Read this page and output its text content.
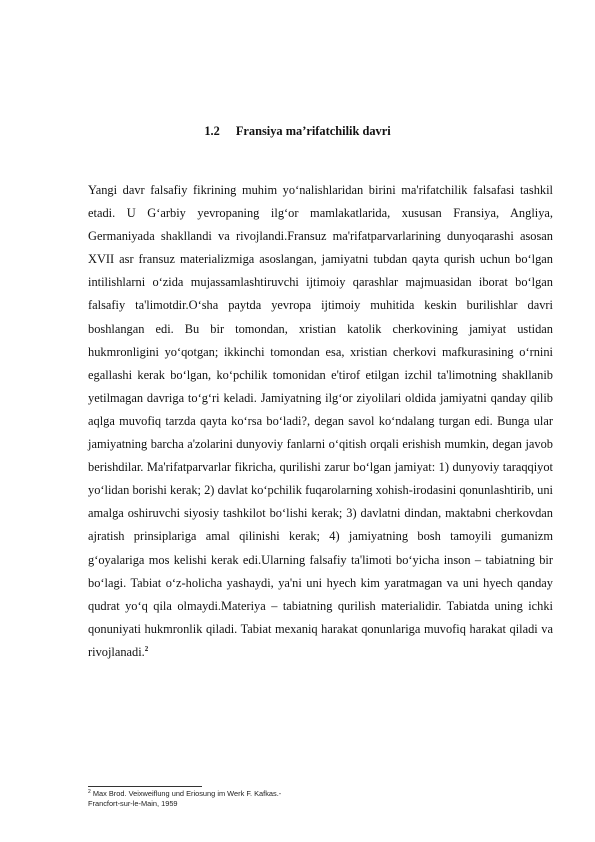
1.2 Fransiya ma’rifatchilik davri

Yangi davr falsafiy fikrining muhim yo‘nalishlaridan birini ma'rifatchilik falsafasi tashkil etadi. U G‘arbiy yevropaning ilg‘or mamlakatlarida, xususan Fransiya, Angliya, Germaniyada shakllandi va rivojlandi.Fransuz ma'rifatparvarlarining dunyoqarashi asosan XVII asr fransuz materializmiga asoslangan, jamiyatni tubdan qayta qurish uchun bo‘lgan intilishlarni o‘zida mujassamlashtiruvchi ijtimoiy qarashlar majmuasidan iborat bo‘lgan falsafiy ta'limotdir.O‘sha paytda yevropa ijtimoiy muhitida keskin burilishlar davri boshlangan edi. Bu bir tomondan, xristian katolik cherkovining jamiyat ustidan hukmronligini yo‘qotgan; ikkinchi tomondan esa, xristian cherkovi mafkurasining o‘rnini egallashi kerak bo‘lgan, ko‘pchilik tomonidan e'tirof etilgan izchil ta'limotning shakllanib yetilmagan davriga to‘g‘ri keladi. Jamiyatning ilg‘or ziyolilari oldida jamiyatni qanday qilib aqlga muvofiq tarzda qayta ko‘rsa bo‘ladi?, degan savol ko‘ndalang turgan edi. Bunga ular jamiyatning barcha a'zolarini dunyoviy fanlarni o‘qitish orqali erishish mumkin, degan javob berishdilar. Ma'rifatparvarlar fikricha, qurilishi zarur bo‘lgan jamiyat: 1) dunyoviy taraqqiyot yo‘lidan borishi kerak; 2) davlat ko‘pchilik fuqarolarning xohish-irodasini qonunlashtirib, uni amalga oshiruvchi siyosiy tashkilot bo‘lishi kerak; 3) davlatni dindan, maktabni cherkovdan ajratish prinsiplariga amal qilinishi kerak; 4) jamiyatning bosh tamoyili gumanizm g‘oyalariga mos kelishi kerak edi.Ularning falsafiy ta'limoti bo‘yicha inson – tabiatning bir bo‘lagi. Tabiat o‘z-holicha yashaydi, ya'ni uni hyech kim yaratmagan va uni hyech qanday qudrat yo‘q qila olmaydi.Materiya – tabiatning qurilish materialidir. Tabiatda uning ichki qonuniyati hukmronlik qiladi. Tabiat mexaniq harakat qonunlariga muvofiq harakat qiladi va rivojlanadi.$^2$

$^2$ Max Brod. Veixweiflung und Eriosung im Werk F. Kafkas.-
Francfort-sur-le-Main, 1959
